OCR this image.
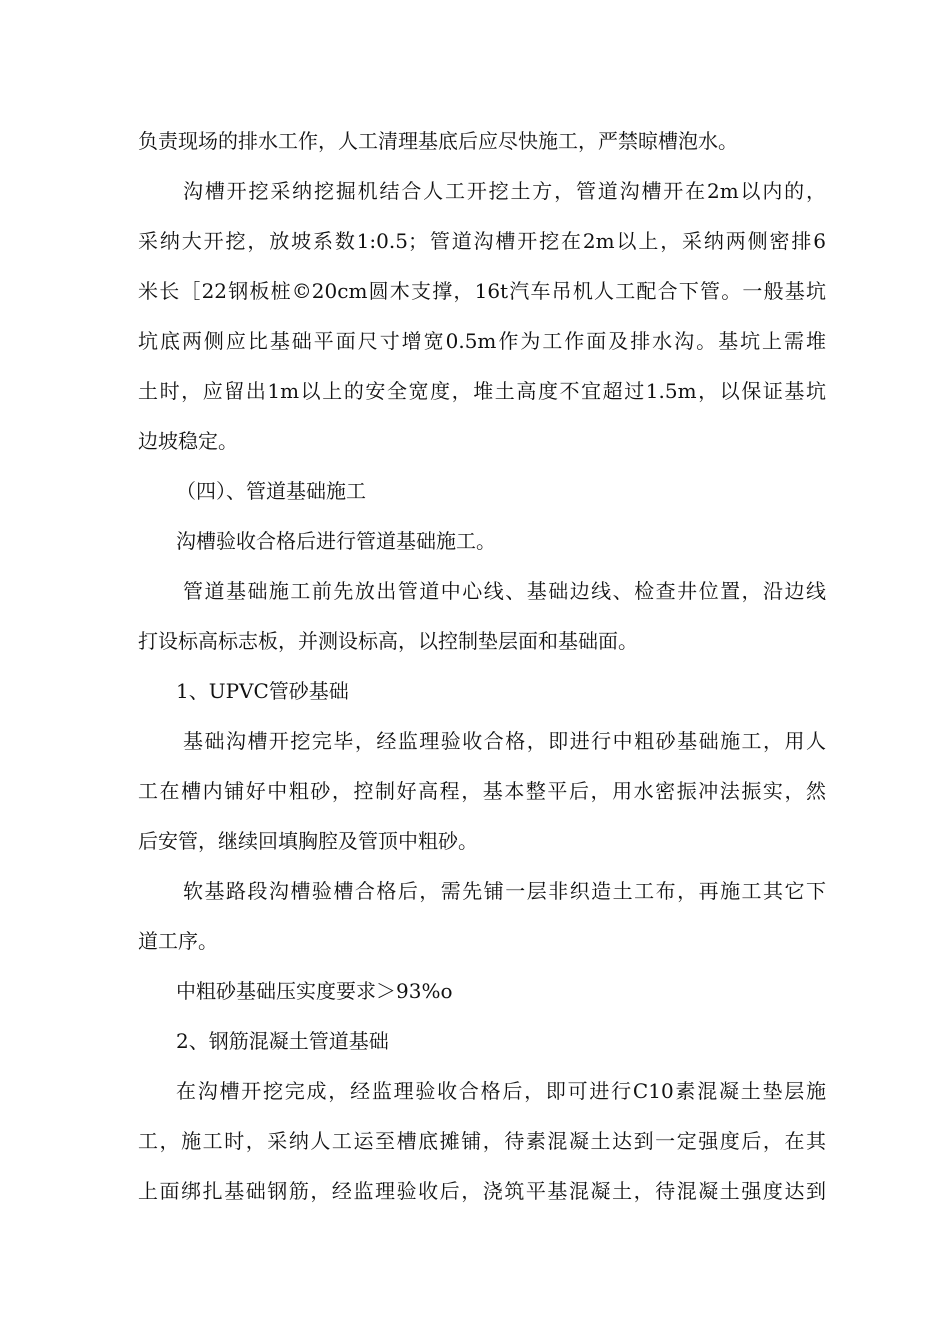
负责现场的排水工作，人工清理基底后应尽快施工，严禁晾槽泡水。
沟槽开挖采纳挖掘机结合人工开挖土方，管道沟槽开在2m以内的，
采纳大开挖，放坡系数1:0.5；管道沟槽开挖在2m以上，采纳两侧密排6
米长［22钢板桩©20cm圆木支撑，16t汽车吊机人工配合下管。一般基坑
坑底两侧应比基础平面尺寸增宽0.5m作为工作面及排水沟。基坑上需堆
土时，应留出1m以上的安全宽度，堆土高度不宜超过1.5m，以保证基坑
边坡稳定。
（四）、管道基础施工
沟槽验收合格后进行管道基础施工。
管道基础施工前先放出管道中心线、基础边线、检查井位置，沿边线
打设标高标志板，并测设标高，以控制垫层面和基础面。
1、UPVC管砂基础
基础沟槽开挖完毕，经监理验收合格，即进行中粗砂基础施工，用人
工在槽内铺好中粗砂，控制好高程，基本整平后，用水密振冲法振实，然
后安管，继续回填胸腔及管顶中粗砂。
软基路段沟槽验槽合格后，需先铺一层非织造土工布，再施工其它下
道工序。
中粗砂基础压实度要求＞93%o
2、钢筋混凝土管道基础
在沟槽开挖完成，经监理验收合格后，即可进行C10素混凝土垫层施
工，施工时，采纳人工运至槽底摊铺，待素混凝土达到一定强度后，在其
上面绑扎基础钢筋，经监理验收后，浇筑平基混凝土，待混凝土强度达到
